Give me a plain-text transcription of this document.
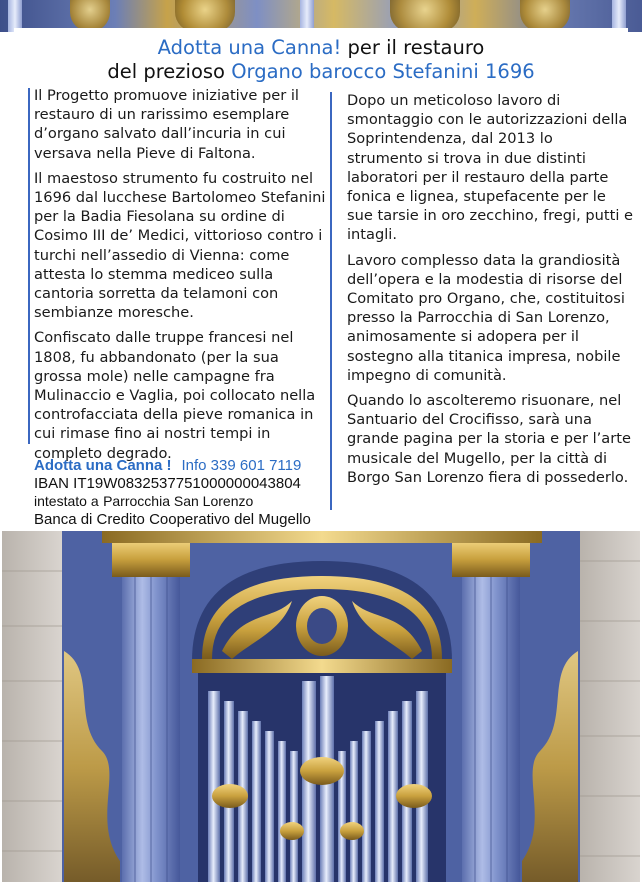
Adotta una Canna! per il restauro
del prezioso Organo barocco Stefanini 1696

Il Progetto promuove iniziative per il restauro di un rarissimo esemplare d’organo salvato dall’incuria in cui versava nella Pieve di Faltona.

Il maestoso strumento fu costruito nel 1696 dal lucchese Bartolomeo Stefanini per la Badia Fiesolana su ordine di Cosimo III de’ Medici, vittorioso contro i turchi nell’assedio di Vienna: come attesta lo stemma mediceo sulla cantoria sorretta da telamoni con sembianze moresche.

Confiscato dalle truppe francesi nel 1808, fu abbandonato (per la sua grossa mole) nelle campagne fra Mulinaccio e Vaglia, poi collocato nella controfacciata della pieve romanica in cui rimase fino ai nostri tempi in completo degrado.

Adotta una Canna ! Info 339 601 7119
IBAN IT19W0832537751000000043804
intestato a Parrocchia San Lorenzo
Banca di Credito Cooperativo del Mugello

Dopo un meticoloso lavoro di smontaggio con le autorizzazioni della Soprintendenza, dal 2013 lo strumento si trova in due distinti laboratori per il restauro della parte fonica e lignea, stupefacente per le sue tarsie in oro zecchino, fregi, putti e intagli.

Lavoro complesso data la grandiosità dell’opera e la modestia di risorse del Comitato pro Organo, che, costituitosi presso la Parrocchia di San Lorenzo, animosamente si adopera per il sostegno alla titanica impresa, nobile impegno di comunità.

Quando lo ascolteremo risuonare, nel Santuario del Crocifisso, sarà una grande pagina per la storia e per l’arte musicale del Mugello, per la città di Borgo San Lorenzo fiera di possederlo.
